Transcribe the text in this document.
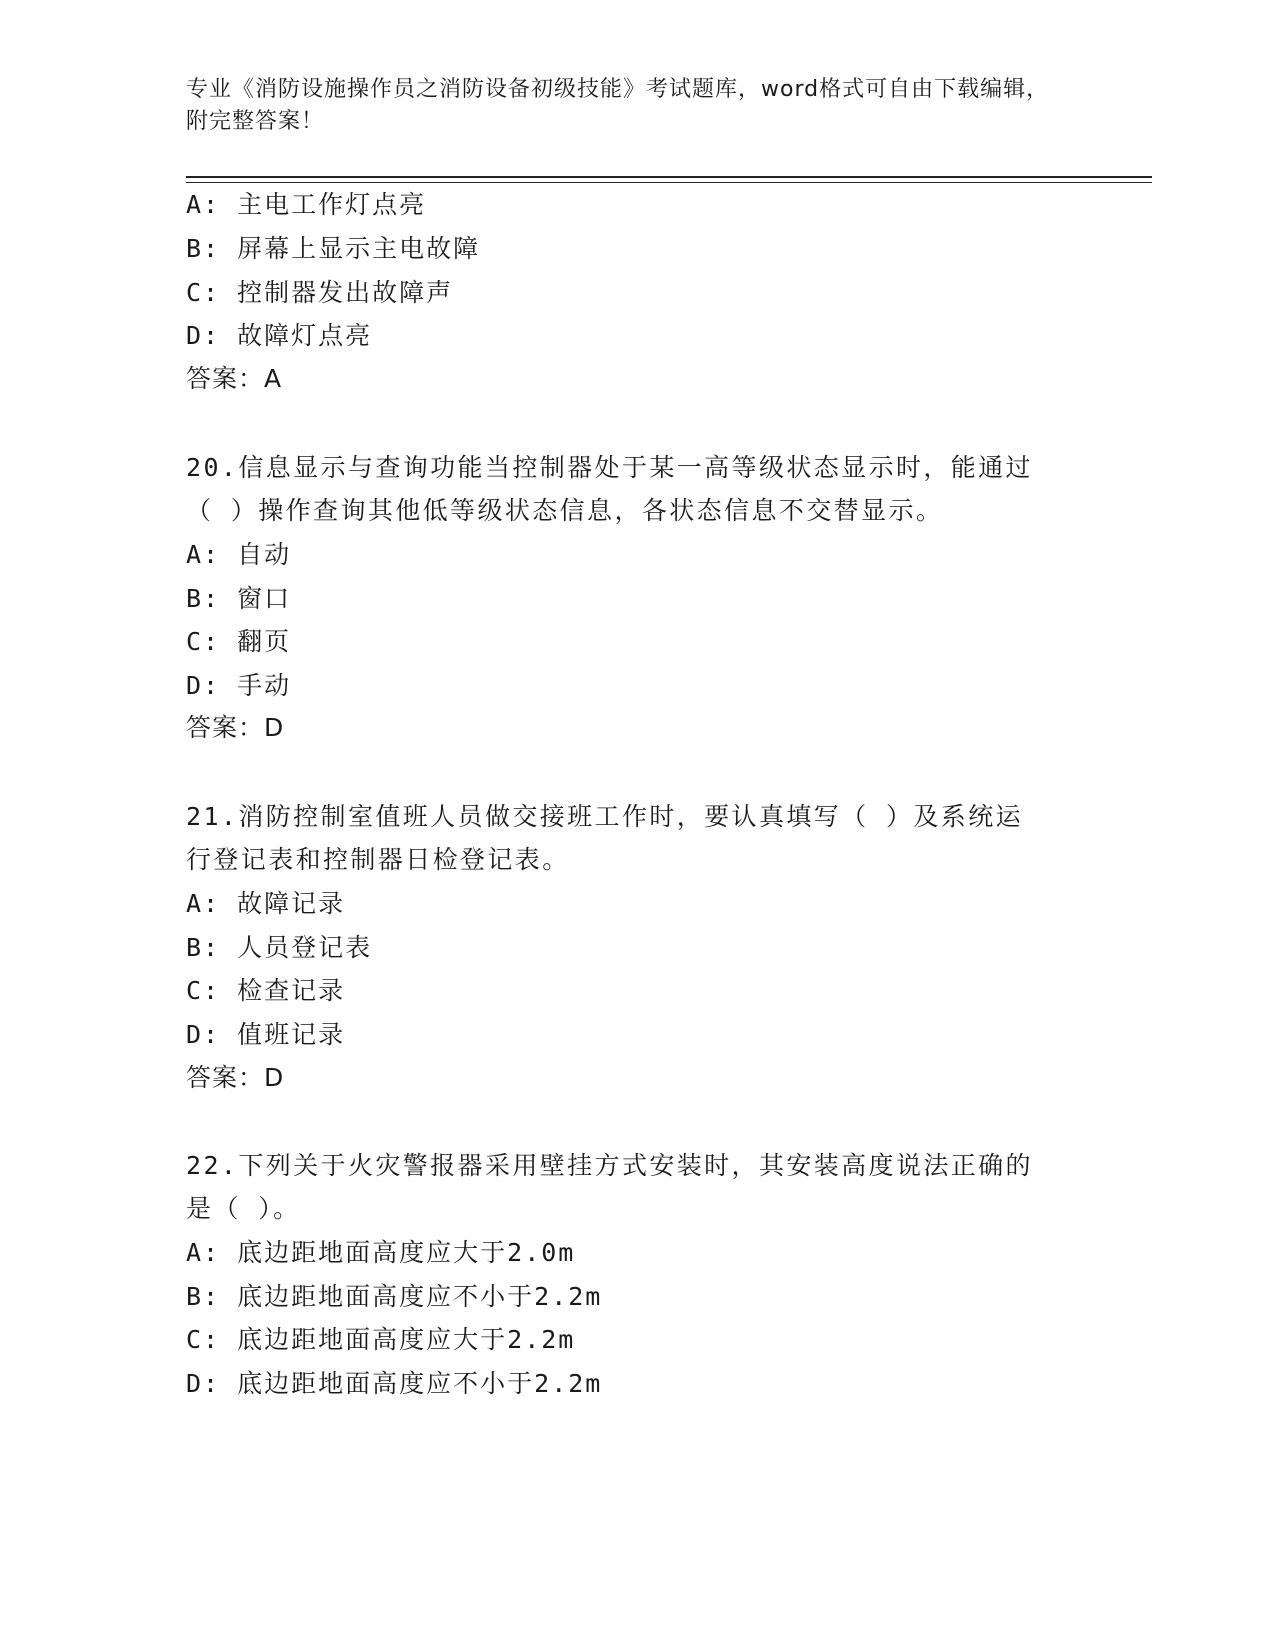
专业《消防设施操作员之消防设备初级技能》考试题库，word格式可自由下载编辑，附完整答案！
A: 主电工作灯点亮
B: 屏幕上显示主电故障
C: 控制器发出故障声
D: 故障灯点亮
答案：A
20.信息显示与查询功能当控制器处于某一高等级状态显示时，能通过
（ ）操作查询其他低等级状态信息，各状态信息不交替显示。
A: 自动
B: 窗口
C: 翻页
D: 手动
答案：D
21.消防控制室值班人员做交接班工作时，要认真填写（ ）及系统运
行登记表和控制器日检登记表。
A: 故障记录
B: 人员登记表
C: 检查记录
D: 值班记录
答案：D
22.下列关于火灾警报器采用壁挂方式安装时，其安装高度说法正确的
是（ ）。
A: 底边距地面高度应大于2.0m
B: 底边距地面高度应不小于2.2m
C: 底边距地面高度应大于2.2m
D: 底边距地面高度应不小于2.2m
